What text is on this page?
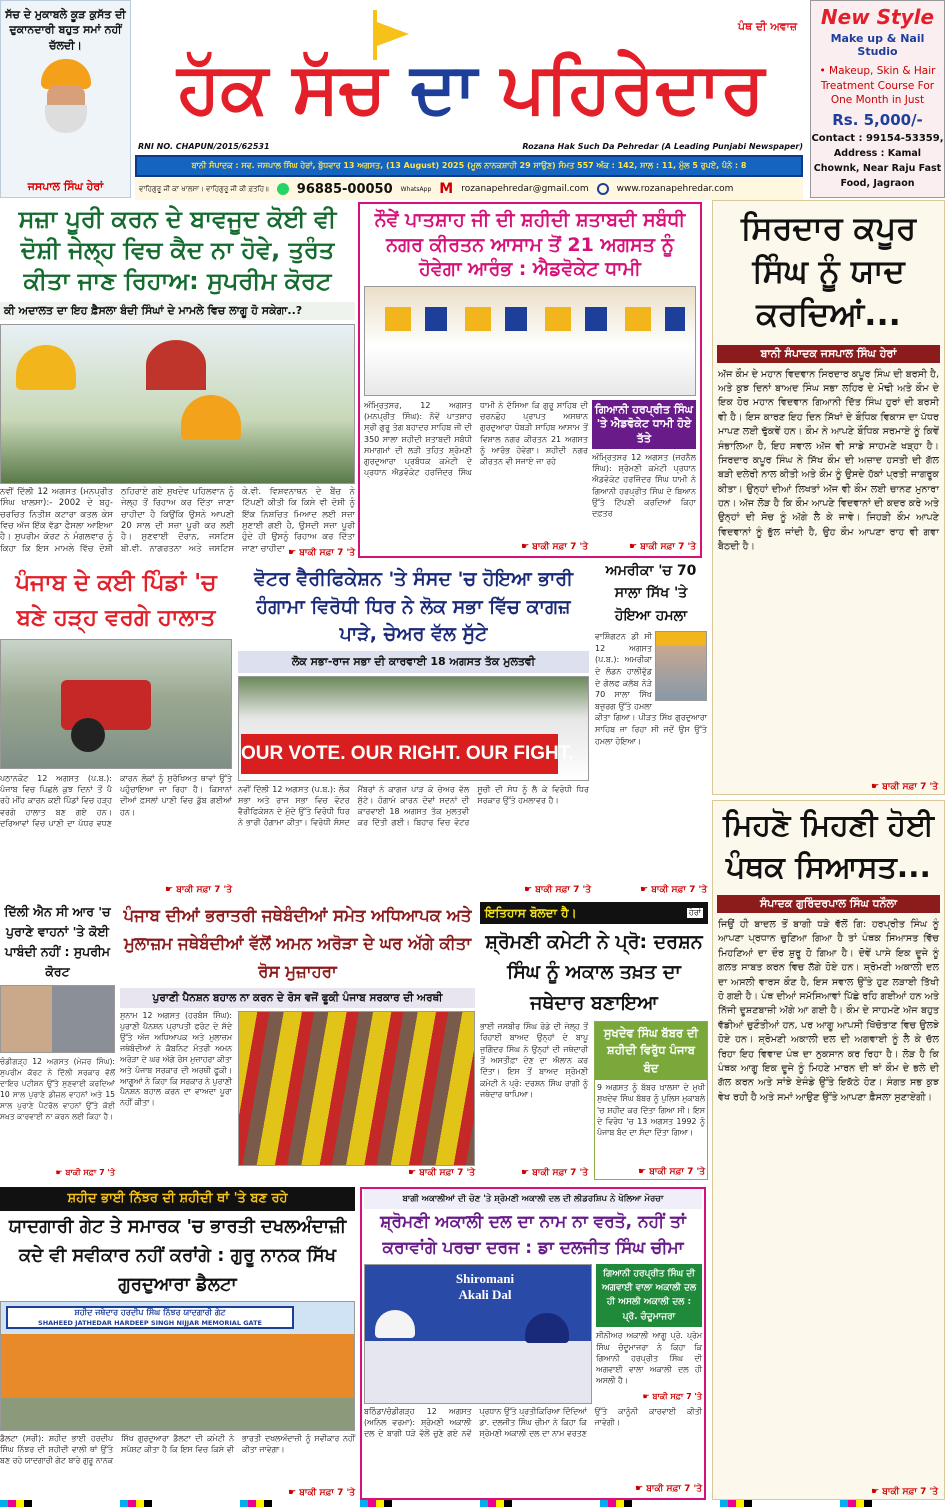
ਸੱਚ ਦੇ ਮੁਕਾਬਲੇ ਕੂੜ ਕੁਸੱਤ ਦੀ ਦੁਕਾਨਦਾਰੀ ਬਹੁਤ ਸਮਾਂ ਨਹੀਂ ਚੱਲਦੀ।
ਜਸਪਾਲ ਸਿੰਘ ਹੇਰਾਂ
ਪੰਥ ਦੀ ਅਵਾਜ਼
ਹੱਕ ਸੱਚ ਦਾ ਪਹਿਰੇਦਾਰ
RNI NO. CHAPUN/2015/62531	Rozana Hak Such Da Pehredar (A Leading Punjabi Newspaper)
ਬਾਨੀ ਸੰਪਾਦਕ : ਸਵ. ਜਸਪਾਲ ਸਿੰਘ ਹੇਰਾਂ, ਬੁੱਧਵਾਰ 13 ਅਗਸਤ, (13 August) 2025 (ਮੂਲ ਨਾਨਕਸ਼ਾਹੀ 29 ਸਾਉਣ) ਸੰਮਤ 557 ਅੰਕ : 142, ਸਾਲ : 11, ਮੁੱਲ 5 ਰੁਪਏ, ਪੰਨੇ : 8
ਵਾਹਿਗੁਰੂ ਜੀ ਕਾ ਖਾਲਸਾ। ਵਾਹਿਗੁਰੂ ਜੀ ਕੀ ਫ਼ਤਹਿ॥ 96885-00050 WhatsApp M rozanapehredar@gmail.com	www.rozanapehredar.com
New Style
Make up & Nail Studio
• Makeup, Skin & Hair Treatment Course For One Month in Just
Rs. 5,000/-
Contact : 99154-53359,
Address : Kamal Chownk, Near Raju Fast Food, Jagraon
ਸਜ਼ਾ ਪੂਰੀ ਕਰਨ ਦੇ ਬਾਵਜੂਦ ਕੋਈ ਵੀ ਦੋਸ਼ੀ ਜੇਲ੍ਹ ਵਿਚ ਕੈਦ ਨਾ ਹੋਵੇ, ਤੁਰੰਤ ਕੀਤਾ ਜਾਣ ਰਿਹਾਅ: ਸੁਪਰੀਮ ਕੋਰਟ
ਕੀ ਅਦਾਲਤ ਦਾ ਇਹ ਫ਼ੈਸਲਾ ਬੰਦੀ ਸਿੰਘਾਂ ਦੇ ਮਾਮਲੇ ਵਿਚ ਲਾਗੂ ਹੋ ਸਕੇਗਾ..?
ਨਵੀਂ ਦਿੱਲੀ 12 ਅਗਸਤ (ਮਨਪ੍ਰੀਤ ਸਿੰਘ ਖਾਲਸਾ):- 2002 ਦੇ ਬਹੁ-ਚਰਚਿਤ ਨਿਤੀਸ਼ ਕਟਾਰਾ ਕਤਲ ਕੇਸ ਵਿਚ ਅੱਜ ਇੱਕ ਵੱਡਾ ਫੈਸਲਾ ਆਇਆ ਹੈ। ਸੁਪਰੀਮ ਕੋਰਟ ਨੇ ਮੰਗਲਵਾਰ ਨੂੰ ਕਿਹਾ ਕਿ ਇਸ ਮਾਮਲੇ ਵਿੱਚ ਦੋਸ਼ੀ ਠਹਿਰਾਏ ਗਏ ਸੁਖਦੇਵ ਪਹਿਲਵਾਨ ਨੂੰ ਜੇਲ੍ਹ ਤੋਂ ਰਿਹਾਅ ਕਰ ਦਿੱਤਾ ਜਾਣਾ ਚਾਹੀਦਾ ਹੈ ਕਿਉਂਕਿ ਉਸਨੇ ਆਪਣੀ 20 ਸਾਲ ਦੀ ਸਜ਼ਾ ਪੂਰੀ ਕਰ ਲਈ ਹੈ। ਸੁਣਵਾਈ ਦੌਰਾਨ, ਜਸਟਿਸ ਬੀ.ਵੀ. ਨਾਗਰਤਨਾ ਅਤੇ ਜਸਟਿਸ ਕੇ.ਵੀ. ਵਿਸ਼ਵਨਾਥਨ ਦੇ ਬੈਂਚ ਨੇ ਟਿੱਪਣੀ ਕੀਤੀ ਕਿ ਕਿਸੇ ਵੀ ਦੋਸ਼ੀ ਨੂੰ ਇੱਕ ਨਿਸ਼ਚਿਤ ਮਿਆਦ ਲਈ ਸਜ਼ਾ ਸੁਣਾਈ ਗਈ ਹੈ, ਉਸਦੀ ਸਜ਼ਾ ਪੂਰੀ ਹੁੰਦੇ ਹੀ ਉਸਨੂੰ ਰਿਹਾਅ ਕਰ ਦਿੱਤਾ ਜਾਣਾ ਚਾਹੀਦਾ ☛ ਬਾਕੀ ਸਫ਼ਾ 7 'ਤੇ
ਨੌਵੇਂ ਪਾਤਸ਼ਾਹ ਜੀ ਦੀ ਸ਼ਹੀਦੀ ਸ਼ਤਾਬਦੀ ਸਬੰਧੀ ਨਗਰ ਕੀਰਤਨ ਆਸਾਮ ਤੋਂ 21 ਅਗਸਤ ਨੂੰ ਹੋਵੇਗਾ ਆਰੰਭ : ਐਡਵੋਕੇਟ ਧਾਮੀ
ਅੰਮ੍ਰਿਤਸਰ, 12 ਅਗਸਤ (ਮਨਪ੍ਰੀਤ ਸਿੰਘ): ਨੌਵੇਂ ਪਾਤਸ਼ਾਹ ਸ੍ਰੀ ਗੁਰੂ ਤੇਗ ਬਹਾਦਰ ਸਾਹਿਬ ਜੀ ਦੀ 350 ਸਾਲਾ ਸ਼ਹੀਦੀ ਸ਼ਤਾਬਦੀ ਸਬੰਧੀ ਸਮਾਗਮਾਂ ਦੀ ਲੜੀ ਤਹਿਤ ਸ਼੍ਰੋਮਣੀ ਗੁਰਦੁਆਰਾ ਪ੍ਰਬੰਧਕ ਕਮੇਟੀ ਦੇ ਪ੍ਰਧਾਨ ਐਡਵੋਕੇਟ ਹਰਜਿੰਦਰ ਸਿੰਘ ਧਾਮੀ ਨੇ ਦੱਸਿਆ ਕਿ ਗੁਰੂ ਸਾਹਿਬ ਦੀ ਚਰਨਛੋਹ ਪ੍ਰਾਪਤ ਅਸਥਾਨ ਗੁਰਦੁਆਰਾ ਧੋਬੜੀ ਸਾਹਿਬ ਆਸਾਮ ਤੋਂ ਵਿਸ਼ਾਲ ਨਗਰ ਕੀਰਤਨ 21 ਅਗਸਤ ਨੂੰ ਆਰੰਭ ਹੋਵੇਗਾ। ਸ਼ਹੀਦੀ ਨਗਰ ਕੀਰਤਨ ਵੀ ਸਜਾਏ ਜਾ ਰਹੇ
☛ ਬਾਕੀ ਸਫ਼ਾ 7 'ਤੇ
ਗਿਆਨੀ ਹਰਪ੍ਰੀਤ ਸਿੰਘ 'ਤੇ ਐਡਵੋਕੇਟ ਧਾਮੀ ਹੋਏ ਤੱਤੇ
ਅੰਮ੍ਰਿਤਸਰ 12 ਅਗਸਤ (ਜਰਨੈਲ ਸਿੰਘ): ਸ਼੍ਰੋਮਣੀ ਕਮੇਟੀ ਪ੍ਰਧਾਨ ਐਡਵੋਕੇਟ ਹਰਜਿੰਦਰ ਸਿੰਘ ਧਾਮੀ ਨੇ ਗਿਆਨੀ ਹਰਪ੍ਰੀਤ ਸਿੰਘ ਦੇ ਬਿਆਨ ਉੱਤੇ ਟਿੱਪਣੀ ਕਰਦਿਆਂ ਕਿਹਾ ਦਫ਼ਤਰ
☛ ਬਾਕੀ ਸਫ਼ਾ 7 'ਤੇ
ਸਿਰਦਾਰ ਕਪੂਰ ਸਿੰਘ ਨੂੰ ਯਾਦ ਕਰਦਿਆਂ...
ਬਾਨੀ ਸੰਪਾਦਕ ਜਸਪਾਲ ਸਿੰਘ ਹੇਰਾਂ
ਅੱਜ ਕੌਮ ਦੇ ਮਹਾਨ ਵਿਦਵਾਨ ਸਿਰਦਾਰ ਕਪੂਰ ਸਿੰਘ ਦੀ ਬਰਸੀ ਹੈ, ਅਤੇ ਕੁਝ ਦਿਨਾਂ ਬਾਅਦ ਸਿੰਘ ਸਭਾ ਲਹਿਰ ਦੇ ਮੋਢੀ ਅਤੇ ਕੌਮ ਦੇ ਇਕ ਹੋਰ ਮਹਾਨ ਵਿਦਵਾਨ ਗਿਆਨੀ ਦਿੱਤ ਸਿੰਘ ਹੁਰਾਂ ਦੀ ਬਰਸੀ ਵੀ ਹੈ। ਇਸ ਕਾਰਣ ਇਹ ਦਿਨ ਸਿੱਖਾਂ ਦੇ ਬੌਧਿਕ ਵਿਕਾਸ ਦਾ ਪੱਧਰ ਮਾਪਣ ਲਈ ਢੁੱਕਵੇਂ ਹਨ। ਕੌਮ ਨੇ ਆਪਣੇ ਬੌਧਿਕ ਸਰਮਾਏ ਨੂੰ ਕਿਵੇਂ ਸੰਭਾਲਿਆ ਹੈ, ਇਹ ਸਵਾਲ ਅੱਜ ਵੀ ਸਾਡੇ ਸਾਹਮਣੇ ਖੜ੍ਹਾ ਹੈ। ਸਿਰਦਾਰ ਕਪੂਰ ਸਿੰਘ ਨੇ ਸਿੱਖ ਕੌਮ ਦੀ ਅਜ਼ਾਦ ਹਸਤੀ ਦੀ ਗੱਲ ਬੜੀ ਦਲੇਰੀ ਨਾਲ ਕੀਤੀ ਅਤੇ ਕੌਮ ਨੂੰ ਉਸਦੇ ਹੱਕਾਂ ਪ੍ਰਤੀ ਜਾਗਰੂਕ ਕੀਤਾ। ਉਨ੍ਹਾਂ ਦੀਆਂ ਲਿਖਤਾਂ ਅੱਜ ਵੀ ਕੌਮ ਲਈ ਚਾਨਣ ਮੁਨਾਰਾ ਹਨ। ਅੱਜ ਲੋੜ ਹੈ ਕਿ ਕੌਮ ਆਪਣੇ ਵਿਦਵਾਨਾਂ ਦੀ ਕਦਰ ਕਰੇ ਅਤੇ ਉਨ੍ਹਾਂ ਦੀ ਸੋਚ ਨੂੰ ਅੱਗੇ ਲੈ ਕੇ ਜਾਵੇ। ਜਿਹੜੀ ਕੌਮ ਆਪਣੇ ਵਿਦਵਾਨਾਂ ਨੂੰ ਭੁੱਲ ਜਾਂਦੀ ਹੈ, ਉਹ ਕੌਮ ਆਪਣਾ ਰਾਹ ਵੀ ਗਵਾ ਬੈਠਦੀ ਹੈ।
☛ ਬਾਕੀ ਸਫ਼ਾ 7 'ਤੇ
ਮਿਹਣੋ ਮਿਹਣੀ ਹੋਈ ਪੰਥਕ ਸਿਆਸਤ...
ਸੰਪਾਦਕ ਗੁਰਿੰਦਰਪਾਲ ਸਿੰਘ ਧਨੌਲਾ
ਜਿਉਂ ਹੀ ਬਾਦਲ ਤੋਂ ਬਾਗੀ ਧੜੇ ਵੱਲੋਂ ਗਿ: ਹਰਪ੍ਰੀਤ ਸਿੰਘ ਨੂੰ ਆਪਣਾ ਪ੍ਰਧਾਨ ਚੁਣਿਆ ਗਿਆ ਹੈ ਤਾਂ ਪੰਥਕ ਸਿਆਸਤ ਵਿੱਚ ਮਿਹਣਿਆਂ ਦਾ ਦੌਰ ਸ਼ੁਰੂ ਹੋ ਗਿਆ ਹੈ। ਦੋਵੇਂ ਪਾਸੇ ਇਕ ਦੂਜੇ ਨੂੰ ਗਲਤ ਸਾਬਤ ਕਰਨ ਵਿਚ ਲੱਗੇ ਹੋਏ ਹਨ। ਸ਼੍ਰੋਮਣੀ ਅਕਾਲੀ ਦਲ ਦਾ ਅਸਲੀ ਵਾਰਸ ਕੌਣ ਹੈ, ਇਸ ਸਵਾਲ ਉੱਤੇ ਹੁਣ ਲੜਾਈ ਤਿੱਖੀ ਹੋ ਗਈ ਹੈ। ਪੰਥ ਦੀਆਂ ਸਮੱਸਿਆਵਾਂ ਪਿੱਛੇ ਰਹਿ ਗਈਆਂ ਹਨ ਅਤੇ ਨਿੱਜੀ ਦੂਸ਼ਣਬਾਜ਼ੀ ਅੱਗੇ ਆ ਗਈ ਹੈ। ਕੌਮ ਦੇ ਸਾਹਮਣੇ ਅੱਜ ਬਹੁਤ ਵੱਡੀਆਂ ਚੁਣੌਤੀਆਂ ਹਨ, ਪਰ ਆਗੂ ਆਪਸੀ ਖਿੱਚੋਤਾਣ ਵਿਚ ਉਲਝੇ ਹੋਏ ਹਨ। ਸ਼੍ਰੋਮਣੀ ਅਕਾਲੀ ਦਲ ਦੀ ਅਗਵਾਈ ਨੂੰ ਲੈ ਕੇ ਚੱਲ ਰਿਹਾ ਇਹ ਵਿਵਾਦ ਪੰਥ ਦਾ ਨੁਕਸਾਨ ਕਰ ਰਿਹਾ ਹੈ। ਲੋੜ ਹੈ ਕਿ ਪੰਥਕ ਆਗੂ ਇਕ ਦੂਜੇ ਨੂੰ ਮਿਹਣੇ ਮਾਰਨ ਦੀ ਥਾਂ ਕੌਮ ਦੇ ਭਲੇ ਦੀ ਗੱਲ ਕਰਨ ਅਤੇ ਸਾਂਝੇ ਏਜੰਡੇ ਉੱਤੇ ਇਕੱਠੇ ਹੋਣ। ਸੰਗਤ ਸਭ ਕੁਝ ਵੇਖ ਰਹੀ ਹੈ ਅਤੇ ਸਮਾਂ ਆਉਣ ਉੱਤੇ ਆਪਣਾ ਫ਼ੈਸਲਾ ਸੁਣਾਏਗੀ।
☛ ਬਾਕੀ ਸਫ਼ਾ 7 'ਤੇ
ਪੰਜਾਬ ਦੇ ਕਈ ਪਿੰਡਾਂ 'ਚ ਬਣੇ ਹੜ੍ਹ ਵਰਗੇ ਹਾਲਾਤ
ਪਠਾਨਕੋਟ 12 ਅਗਸਤ (ਪ.ਬ.): ਪੰਜਾਬ ਵਿਚ ਪਿਛਲੇ ਕੁਝ ਦਿਨਾਂ ਤੋਂ ਪੈ ਰਹੇ ਮੀਂਹ ਕਾਰਨ ਕਈ ਪਿੰਡਾਂ ਵਿਚ ਹੜ੍ਹ ਵਰਗੇ ਹਾਲਾਤ ਬਣ ਗਏ ਹਨ। ਦਰਿਆਵਾਂ ਵਿਚ ਪਾਣੀ ਦਾ ਪੱਧਰ ਵਧਣ ਕਾਰਨ ਲੋਕਾਂ ਨੂੰ ਸੁਰੱਖਿਅਤ ਥਾਵਾਂ ਉੱਤੇ ਪਹੁੰਚਾਇਆ ਜਾ ਰਿਹਾ ਹੈ। ਕਿਸਾਨਾਂ ਦੀਆਂ ਫ਼ਸਲਾਂ ਪਾਣੀ ਵਿਚ ਡੁੱਬ ਗਈਆਂ ਹਨ।
☛ ਬਾਕੀ ਸਫ਼ਾ 7 'ਤੇ
ਵੋਟਰ ਵੈਰੀਫਿਕੇਸ਼ਨ 'ਤੇ ਸੰਸਦ 'ਚ ਹੋਇਆ ਭਾਰੀ ਹੰਗਾਮਾ ਵਿਰੋਧੀ ਧਿਰ ਨੇ ਲੋਕ ਸਭਾ ਵਿੱਚ ਕਾਗਜ਼ ਪਾੜੇ, ਚੇਅਰ ਵੱਲ ਸੁੱਟੇ
ਲੋਕ ਸਭਾ-ਰਾਜ ਸਭਾ ਦੀ ਕਾਰਵਾਈ 18 ਅਗਸਤ ਤੱਕ ਮੁਲਤਵੀ
OUR VOTE. OUR RIGHT. OUR FIGHT.
ਨਵੀਂ ਦਿੱਲੀ 12 ਅਗਸਤ (ਪ.ਬ.): ਲੋਕ ਸਭਾ ਅਤੇ ਰਾਜ ਸਭਾ ਵਿਚ ਵੋਟਰ ਵੈਰੀਫਿਕੇਸ਼ਨ ਦੇ ਮੁੱਦੇ ਉੱਤੇ ਵਿਰੋਧੀ ਧਿਰ ਨੇ ਭਾਰੀ ਹੰਗਾਮਾ ਕੀਤਾ। ਵਿਰੋਧੀ ਸੰਸਦ ਮੈਂਬਰਾਂ ਨੇ ਕਾਗਜ਼ ਪਾੜ ਕੇ ਚੇਅਰ ਵੱਲ ਸੁੱਟੇ। ਹੰਗਾਮੇ ਕਾਰਨ ਦੋਵਾਂ ਸਦਨਾਂ ਦੀ ਕਾਰਵਾਈ 18 ਅਗਸਤ ਤੱਕ ਮੁਲਤਵੀ ਕਰ ਦਿੱਤੀ ਗਈ। ਬਿਹਾਰ ਵਿਚ ਵੋਟਰ ਸੂਚੀ ਦੀ ਸੋਧ ਨੂੰ ਲੈ ਕੇ ਵਿਰੋਧੀ ਧਿਰ ਸਰਕਾਰ ਉੱਤੇ ਹਮਲਾਵਰ ਹੈ।
☛ ਬਾਕੀ ਸਫ਼ਾ 7 'ਤੇ
ਅਮਰੀਕਾ 'ਚ 70 ਸਾਲਾ ਸਿੱਖ 'ਤੇ ਹੋਇਆ ਹਮਲਾ
ਵਾਸ਼ਿੰਗਟਨ ਡੀ ਸੀ 12 ਅਗਸਤ (ਪ.ਬ.): ਅਮਰੀਕਾ ਦੇ ਲੰਡਨ ਹਾਲੀਵੁੱਡ ਦੇ ਗੋਲਫ ਕਲੱਬ ਨੇੜੇ 70 ਸਾਲਾ ਸਿੱਖ ਬਜ਼ੁਰਗ ਉੱਤੇ ਹਮਲਾ ਕੀਤਾ ਗਿਆ। ਪੀੜਤ ਸਿੱਖ ਗੁਰਦੁਆਰਾ ਸਾਹਿਬ ਜਾ ਰਿਹਾ ਸੀ ਜਦੋਂ ਉਸ ਉੱਤੇ ਹਮਲਾ ਹੋਇਆ।
☛ ਬਾਕੀ ਸਫ਼ਾ 7 'ਤੇ
ਦਿੱਲੀ ਐਨ ਸੀ ਆਰ 'ਚ ਪੁਰਾਣੇ ਵਾਹਨਾਂ 'ਤੇ ਕੋਈ ਪਾਬੰਦੀ ਨਹੀਂ : ਸੁਪਰੀਮ ਕੋਰਟ
ਚੰਡੀਗੜ੍ਹ 12 ਅਗਸਤ (ਮੇਜਰ ਸਿੰਘ): ਸੁਪਰੀਮ ਕੋਰਟ ਨੇ ਦਿੱਲੀ ਸਰਕਾਰ ਵੱਲੋਂ ਦਾਇਰ ਪਟੀਸ਼ਨ ਉੱਤੇ ਸੁਣਵਾਈ ਕਰਦਿਆਂ 10 ਸਾਲ ਪੁਰਾਣੇ ਡੀਜ਼ਲ ਵਾਹਨਾਂ ਅਤੇ 15 ਸਾਲ ਪੁਰਾਣੇ ਪੈਟਰੋਲ ਵਾਹਨਾਂ ਉੱਤੇ ਕੋਈ ਸਖ਼ਤ ਕਾਰਵਾਈ ਨਾ ਕਰਨ ਲਈ ਕਿਹਾ ਹੈ।
☛ ਬਾਕੀ ਸਫ਼ਾ 7 'ਤੇ
ਪੰਜਾਬ ਦੀਆਂ ਭਰਾਤਰੀ ਜਥੇਬੰਦੀਆਂ ਸਮੇਤ ਅਧਿਆਪਕ ਅਤੇ ਮੁਲਾਜ਼ਮ ਜਥੇਬੰਦੀਆਂ ਵੱਲੋਂ ਅਮਨ ਅਰੋੜਾ ਦੇ ਘਰ ਅੱਗੇ ਕੀਤਾ ਰੋਸ ਮੁਜ਼ਾਹਰਾ
ਪੁਰਾਣੀ ਪੈਨਸ਼ਨ ਬਹਾਲ ਨਾ ਕਰਨ ਦੇ ਰੋਸ ਵਜੋਂ ਫੂਕੀ ਪੰਜਾਬ ਸਰਕਾਰ ਦੀ ਅਰਥੀ
ਸੁਨਾਮ 12 ਅਗਸਤ (ਹਰਬੰਸ ਸਿੰਘ): ਪੁਰਾਣੀ ਪੈਨਸ਼ਨ ਪ੍ਰਾਪਤੀ ਫਰੰਟ ਦੇ ਸੱਦੇ ਉੱਤੇ ਅੱਜ ਅਧਿਆਪਕ ਅਤੇ ਮੁਲਾਜ਼ਮ ਜਥੇਬੰਦੀਆਂ ਨੇ ਕੈਬਨਿਟ ਮੰਤਰੀ ਅਮਨ ਅਰੋੜਾ ਦੇ ਘਰ ਅੱਗੇ ਰੋਸ ਮੁਜ਼ਾਹਰਾ ਕੀਤਾ ਅਤੇ ਪੰਜਾਬ ਸਰਕਾਰ ਦੀ ਅਰਥੀ ਫੂਕੀ। ਆਗੂਆਂ ਨੇ ਕਿਹਾ ਕਿ ਸਰਕਾਰ ਨੇ ਪੁਰਾਣੀ ਪੈਨਸ਼ਨ ਬਹਾਲ ਕਰਨ ਦਾ ਵਾਅਦਾ ਪੂਰਾ ਨਹੀਂ ਕੀਤਾ।
☛ ਬਾਕੀ ਸਫ਼ਾ 7 'ਤੇ
ਇਤਿਹਾਸ ਬੋਲਦਾ ਹੈ।	ਹੇਰਾਂ
ਸ਼੍ਰੋਮਣੀ ਕਮੇਟੀ ਨੇ ਪ੍ਰੋ: ਦਰਸ਼ਨ ਸਿੰਘ ਨੂੰ ਅਕਾਲ ਤਖ਼ਤ ਦਾ ਜਥੇਦਾਰ ਬਣਾਇਆ
ਭਾਈ ਜਸਬੀਰ ਸਿੰਘ ਰੋਡੇ ਦੀ ਜੇਲ੍ਹ ਤੋਂ ਰਿਹਾਈ ਬਾਅਦ ਉਨ੍ਹਾਂ ਦੇ ਬਾਪੂ ਜੁਗਿੰਦਰ ਸਿੰਘ ਨੇ ਉਨ੍ਹਾਂ ਦੀ ਜਥੇਦਾਰੀ ਤੋਂ ਅਸਤੀਫ਼ਾ ਦੇਣ ਦਾ ਐਲਾਨ ਕਰ ਦਿੱਤਾ। ਇਸ ਤੋਂ ਬਾਅਦ ਸ਼੍ਰੋਮਣੀ ਕਮੇਟੀ ਨੇ ਪ੍ਰੋ: ਦਰਸ਼ਨ ਸਿੰਘ ਰਾਗੀ ਨੂੰ ਜਥੇਦਾਰ ਥਾਪਿਆ।
☛ ਬਾਕੀ ਸਫ਼ਾ 7 'ਤੇ
ਸੁਖਦੇਵ ਸਿੰਘ ਬੱਬਰ ਦੀ ਸ਼ਹੀਦੀ ਵਿਰੁੱਧ ਪੰਜਾਬ ਬੰਦ
9 ਅਗਸਤ ਨੂੰ ਬੱਬਰ ਖ਼ਾਲਸਾ ਦੇ ਮੁਖੀ ਸੁਖਦੇਵ ਸਿੰਘ ਬੱਬਰ ਨੂੰ ਪੁਲਿਸ ਮੁਕਾਬਲੇ 'ਚ ਸ਼ਹੀਦ ਕਰ ਦਿੱਤਾ ਗਿਆ ਸੀ। ਇਸ ਦੇ ਵਿਰੋਧ 'ਚ 13 ਅਗਸਤ 1992 ਨੂੰ ਪੰਜਾਬ ਬੰਦ ਦਾ ਸੱਦਾ ਦਿੱਤਾ ਗਿਆ।
☛ ਬਾਕੀ ਸਫ਼ਾ 7 'ਤੇ
ਸ਼ਹੀਦ ਭਾਈ ਨਿੱਝਰ ਦੀ ਸ਼ਹੀਦੀ ਥਾਂ 'ਤੇ ਬਣ ਰਹੇ
ਯਾਦਗਾਰੀ ਗੇਟ ਤੇ ਸਮਾਰਕ 'ਚ ਭਾਰਤੀ ਦਖਲਅੰਦਾਜ਼ੀ ਕਦੇ ਵੀ ਸਵੀਕਾਰ ਨਹੀਂ ਕਰਾਂਗੇ : ਗੁਰੂ ਨਾਨਕ ਸਿੱਖ ਗੁਰਦੁਆਰਾ ਡੈਲਟਾ
ਸ਼ਹੀਦ ਜਥੇਦਾਰ ਹਰਦੀਪ ਸਿੰਘ ਨਿੱਝਰ ਯਾਦਗਾਰੀ ਗੇਟ
SHAHEED JATHEDAR HARDEEP SINGH NIJJAR MEMORIAL GATE
ਡੈਲਟਾ (ਸਰੀ): ਸ਼ਹੀਦ ਭਾਈ ਹਰਦੀਪ ਸਿੰਘ ਨਿੱਝਰ ਦੀ ਸ਼ਹੀਦੀ ਵਾਲੀ ਥਾਂ ਉੱਤੇ ਬਣ ਰਹੇ ਯਾਦਗਾਰੀ ਗੇਟ ਬਾਰੇ ਗੁਰੂ ਨਾਨਕ ਸਿੱਖ ਗੁਰਦੁਆਰਾ ਡੈਲਟਾ ਦੀ ਕਮੇਟੀ ਨੇ ਸਪੱਸ਼ਟ ਕੀਤਾ ਹੈ ਕਿ ਇਸ ਵਿਚ ਕਿਸੇ ਵੀ ਭਾਰਤੀ ਦਖਲਅੰਦਾਜ਼ੀ ਨੂੰ ਸਵੀਕਾਰ ਨਹੀਂ ਕੀਤਾ ਜਾਵੇਗਾ।
☛ ਬਾਕੀ ਸਫ਼ਾ 7 'ਤੇ
ਬਾਗੀ ਅਕਾਲੀਆਂ ਦੀ ਚੋਣ 'ਤੇ ਸ਼੍ਰੋਮਣੀ ਅਕਾਲੀ ਦਲ ਦੀ ਲੀਡਰਸ਼ਿਪ ਨੇ ਖੋਲਿਆ ਮੋਰਚਾ
ਸ਼੍ਰੋਮਣੀ ਅਕਾਲੀ ਦਲ ਦਾ ਨਾਮ ਨਾ ਵਰਤੋ, ਨਹੀਂ ਤਾਂ ਕਰਾਵਾਂਗੇ ਪਰਚਾ ਦਰਜ : ਡਾ ਦਲਜੀਤ ਸਿੰਘ ਚੀਮਾ
Shiromani Akali Dal
ਗਿਆਨੀ ਹਰਪ੍ਰੀਤ ਸਿੰਘ ਦੀ ਅਗਵਾਈ ਵਾਲਾ ਅਕਾਲੀ ਦਲ ਹੀ ਅਸਲੀ ਅਕਾਲੀ ਦਲ : ਪ੍ਰੋ. ਚੰਦੂਮਾਜਰਾ
ਸੀਨੀਅਰ ਅਕਾਲੀ ਆਗੂ ਪ੍ਰੋ. ਪ੍ਰੇਮ ਸਿੰਘ ਚੰਦੂਮਾਜਰਾ ਨੇ ਕਿਹਾ ਕਿ ਗਿਆਨੀ ਹਰਪ੍ਰੀਤ ਸਿੰਘ ਦੀ ਅਗਵਾਈ ਵਾਲਾ ਅਕਾਲੀ ਦਲ ਹੀ ਅਸਲੀ ਹੈ।
☛ ਬਾਕੀ ਸਫ਼ਾ 7 'ਤੇ
ਬਠਿੰਡਾ/ਚੰਡੀਗੜ੍ਹ 12 ਅਗਸਤ (ਅਨਿਲ ਵਰਮਾ): ਸ਼੍ਰੋਮਣੀ ਅਕਾਲੀ ਦਲ ਦੇ ਬਾਗੀ ਧੜੇ ਵੱਲੋਂ ਚੁਣੇ ਗਏ ਨਵੇਂ ਪ੍ਰਧਾਨ ਉੱਤੇ ਪ੍ਰਤੀਕਿਰਿਆ ਦਿੰਦਿਆਂ ਡਾ. ਦਲਜੀਤ ਸਿੰਘ ਚੀਮਾ ਨੇ ਕਿਹਾ ਕਿ ਸ਼੍ਰੋਮਣੀ ਅਕਾਲੀ ਦਲ ਦਾ ਨਾਮ ਵਰਤਣ ਉੱਤੇ ਕਾਨੂੰਨੀ ਕਾਰਵਾਈ ਕੀਤੀ ਜਾਵੇਗੀ।
☛ ਬਾਕੀ ਸਫ਼ਾ 7 'ਤੇ
